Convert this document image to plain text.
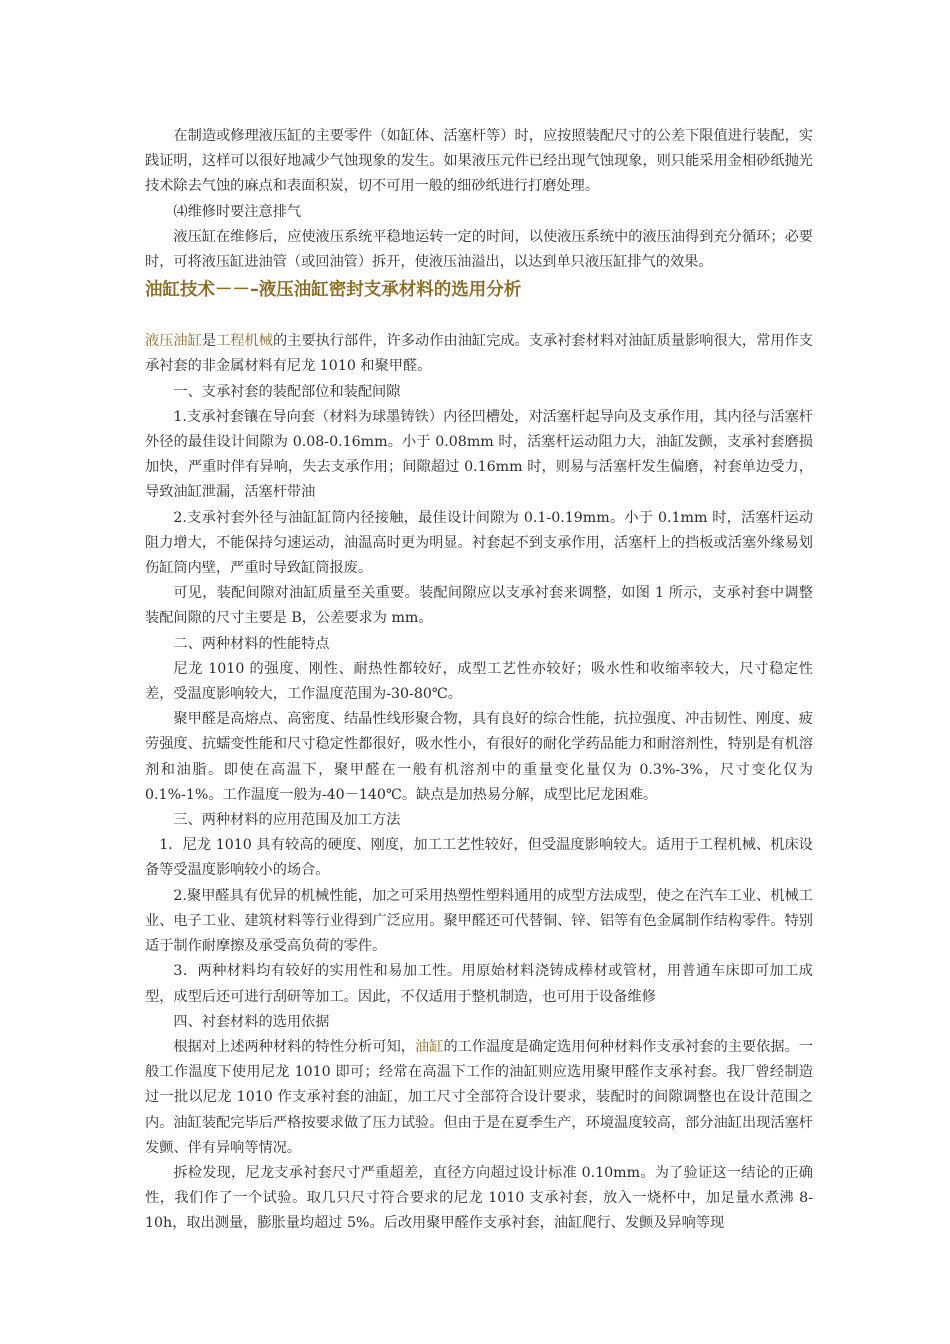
在制造或修理液压缸的主要零件（如缸体、活塞杆等）时，应按照装配尺寸的公差下限值进行装配，实践证明，这样可以很好地减少气蚀现象的发生。如果液压元件已经出现气蚀现象，则只能采用金相砂纸抛光技术除去气蚀的麻点和表面积炭，切不可用一般的细砂纸进行打磨处理。

⑷维修时要注意排气

液压缸在维修后，应使液压系统平稳地运转一定的时间，以使液压系统中的液压油得到充分循环；必要时，可将液压缸进油管（或回油管）拆开，使液压油溢出，以达到单只液压缸排气的效果。

油缸技术－－–液压油缸密封支承材料的选用分析

液压油缸是工程机械的主要执行部件，许多动作由油缸完成。支承衬套材料对油缸质量影响很大，常用作支承衬套的非金属材料有尼龙 1010 和聚甲醛。

一、支承衬套的装配部位和装配间隙

1.支承衬套镶在导向套（材料为球墨铸铁）内径凹槽处，对活塞杆起导向及支承作用，其内径与活塞杆外径的最佳设计间隙为 0.08-0.16mm。小于 0.08mm 时，活塞杆运动阻力大，油缸发颤，支承衬套磨损加快，严重时伴有异响，失去支承作用；间隙超过 0.16mm 时，则易与活塞杆发生偏磨，衬套单边受力，导致油缸泄漏，活塞杆带油

2.支承衬套外径与油缸缸筒内径接触，最佳设计间隙为 0.1-0.19mm。小于 0.1mm 时，活塞杆运动阻力增大，不能保持匀速运动，油温高时更为明显。衬套起不到支承作用，活塞杆上的挡板或活塞外缘易划伤缸筒内壁，严重时导致缸筒报废。

可见，装配间隙对油缸质量至关重要。装配间隙应以支承衬套来调整，如图 1 所示，支承衬套中调整装配间隙的尺寸主要是 B，公差要求为 mm。

二、两种材料的性能特点

尼龙 1010 的强度、刚性、耐热性都较好，成型工艺性亦较好；吸水性和收缩率较大，尺寸稳定性差，受温度影响较大，工作温度范围为-30-80℃。

聚甲醛是高熔点、高密度、结晶性线形聚合物，具有良好的综合性能，抗拉强度、冲击韧性、刚度、疲劳强度、抗蠕变性能和尺寸稳定性都很好，吸水性小，有很好的耐化学药品能力和耐溶剂性，特别是有机溶剂和油脂。即使在高温下，聚甲醛在一般有机溶剂中的重量变化量仅为 0.3%-3%，尺寸变化仅为 0.1%-1%。工作温度一般为-40－140℃。缺点是加热易分解，成型比尼龙困难。

三、两种材料的应用范围及加工方法

1．尼龙 1010 具有较高的硬度、刚度，加工工艺性较好，但受温度影响较大。适用于工程机械、机床设备等受温度影响较小的场合。

2.聚甲醛具有优异的机械性能，加之可采用热塑性塑料通用的成型方法成型，使之在汽车工业、机械工业、电子工业、建筑材料等行业得到广泛应用。聚甲醛还可代替铜、锌、铝等有色金属制作结构零件。特别适于制作耐摩擦及承受高负荷的零件。

3．两种材料均有较好的实用性和易加工性。用原始材料浇铸成棒材或管材，用普通车床即可加工成型，成型后还可进行刮研等加工。因此，不仅适用于整机制造，也可用于设备维修

四、衬套材料的选用依据

根据对上述两种材料的特性分析可知，油缸的工作温度是确定选用何种材料作支承衬套的主要依据。一般工作温度下使用尼龙 1010 即可；经常在高温下工作的油缸则应选用聚甲醛作支承衬套。我厂曾经制造过一批以尼龙 1010 作支承衬套的油缸，加工尺寸全部符合设计要求，装配时的间隙调整也在设计范围之内。油缸装配完毕后严格按要求做了压力试验。但由于是在夏季生产，环境温度较高，部分油缸出现活塞杆发颤、伴有异响等情况。

拆检发现，尼龙支承衬套尺寸严重超差，直径方向超过设计标准 0.10mm。为了验证这一结论的正确性，我们作了一个试验。取几只尺寸符合要求的尼龙 1010 支承衬套，放入一烧杯中，加足量水煮沸 8-10h，取出测量，膨胀量均超过 5%。后改用聚甲醛作支承衬套，油缸爬行、发颤及异响等现
